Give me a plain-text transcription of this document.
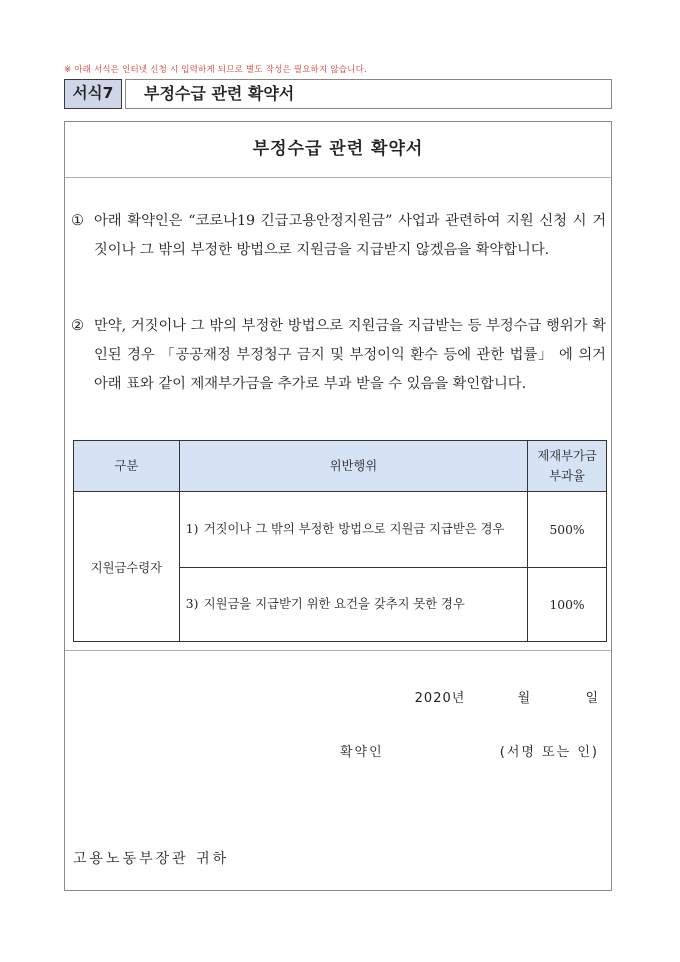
※ 아래 서식은 인터넷 신청 시 입력하게 되므로 별도 작성은 필요하지 않습니다.
서식7	부정수급 관련 확약서
부정수급 관련 확약서
① 아래 확약인은 “코로나19 긴급고용안정지원금” 사업과 관련하여 지원 신청 시 거짓이나 그 밖의 부정한 방법으로 지원금을 지급받지 않겠음을 확약합니다.
② 만약, 거짓이나 그 밖의 부정한 방법으로 지원금을 지급받는 등 부정수급 행위가 확인된 경우 「공공재정 부정청구 금지 및 부정이익 환수 등에 관한 법률」 에 의거 아래 표와 같이 제재부가금을 추가로 부과 받을 수 있음을 확인합니다.
구분	위반행위	제재부가금
부과율

지원금수령자	1) 거짓이나 그 밖의 부정한 방법으로 지원금 지급받은 경우	500%

	3) 지원금을 지급받기 위한 요건을 갖추지 못한 경우	100%
2020년	월	일
확약인	(서명 또는 인)
고용노동부장관 귀하
